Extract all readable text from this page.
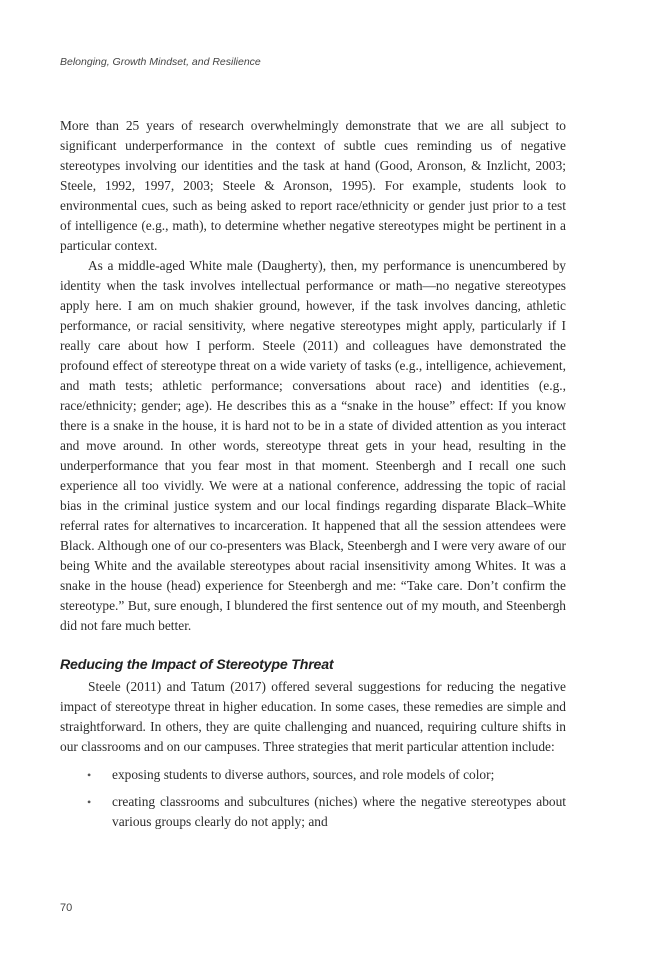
Belonging, Growth Mindset, and Resilience

More than 25 years of research overwhelmingly demonstrate that we are all subject to significant underperformance in the context of subtle cues reminding us of negative stereotypes involving our identities and the task at hand (Good, Aronson, & Inzlicht, 2003; Steele, 1992, 1997, 2003; Steele & Aronson, 1995). For example, students look to environmental cues, such as being asked to report race/ethnicity or gender just prior to a test of intelligence (e.g., math), to determine whether negative stereotypes might be pertinent in a particular context.

As a middle-aged White male (Daugherty), then, my performance is unencumbered by identity when the task involves intellectual performance or math—no negative stereotypes apply here. I am on much shakier ground, however, if the task involves dancing, athletic performance, or racial sensitivity, where negative stereotypes might apply, particularly if I really care about how I perform. Steele (2011) and colleagues have demonstrated the profound effect of stereotype threat on a wide variety of tasks (e.g., intelligence, achievement, and math tests; athletic performance; conversations about race) and identities (e.g., race/ethnicity; gender; age). He describes this as a “snake in the house” effect: If you know there is a snake in the house, it is hard not to be in a state of divided attention as you interact and move around. In other words, stereotype threat gets in your head, resulting in the underperformance that you fear most in that moment. Steenbergh and I recall one such experience all too vividly. We were at a national conference, addressing the topic of racial bias in the criminal justice system and our local findings regarding disparate Black–White referral rates for alternatives to incarceration. It happened that all the session attendees were Black. Although one of our co-presenters was Black, Steenbergh and I were very aware of our being White and the available stereotypes about racial insensitivity among Whites. It was a snake in the house (head) experience for Steenbergh and me: “Take care. Don’t confirm the stereotype.” But, sure enough, I blundered the first sentence out of my mouth, and Steenbergh did not fare much better.

Reducing the Impact of Stereotype Threat

Steele (2011) and Tatum (2017) offered several suggestions for reducing the negative impact of stereotype threat in higher education. In some cases, these remedies are simple and straightforward. In others, they are quite challenging and nuanced, requiring culture shifts in our classrooms and on our campuses. Three strategies that merit particular attention include:

• exposing students to diverse authors, sources, and role models of color;
• creating classrooms and subcultures (niches) where the negative stereotypes about various groups clearly do not apply; and
70
